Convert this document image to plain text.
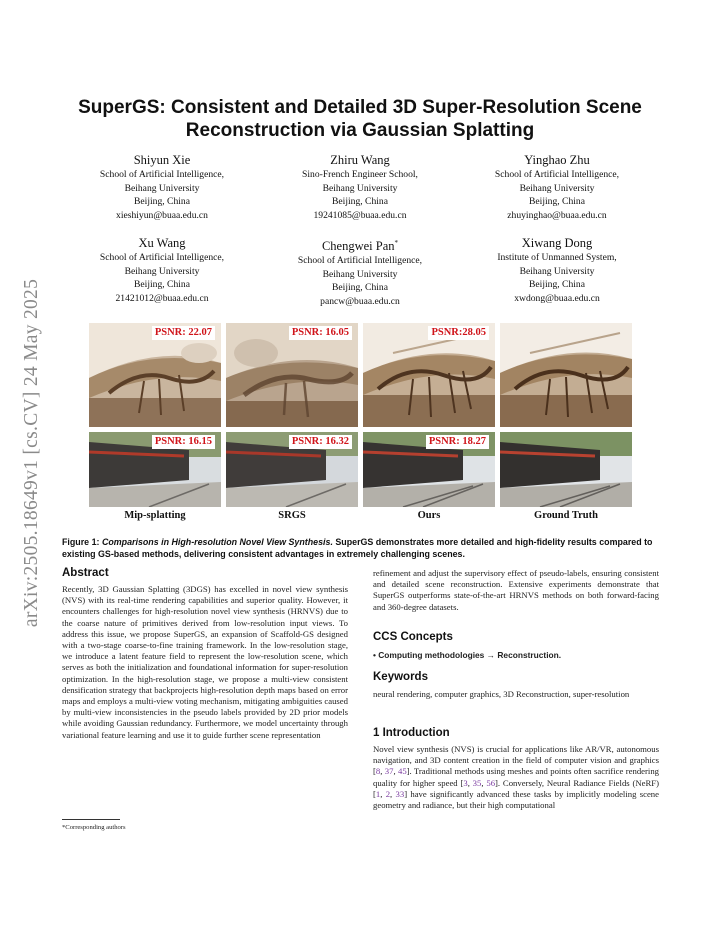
arXiv:2505.18649v1 [cs.CV] 24 May 2025
SuperGS: Consistent and Detailed 3D Super-Resolution Scene
Reconstruction via Gaussian Splatting
Shiyun Xie
School of Artificial Intelligence,
Beihang University
Beijing, China
xieshiyun@buaa.edu.cn
Zhiru Wang
Sino-French Engineer School,
Beihang University
Beijing, China
19241085@buaa.edu.cn
Yinghao Zhu
School of Artificial Intelligence,
Beihang University
Beijing, China
zhuyinghao@buaa.edu.cn
Xu Wang
School of Artificial Intelligence,
Beihang University
Beijing, China
21421012@buaa.edu.cn
Chengwei Pan*
School of Artificial Intelligence,
Beihang University
Beijing, China
pancw@buaa.edu.cn
Xiwang Dong
Institute of Unmanned System,
Beihang University
Beijing, China
xwdong@buaa.edu.cn
PSNR: 22.07	PSNR: 16.05	PSNR:28.05
PSNR: 16.15	PSNR: 16.32	PSNR: 18.27
Mip-splatting	SRGS	Ours	Ground Truth
Figure 1: Comparisons in High-resolution Novel View Synthesis. SuperGS demonstrates more detailed and high-fidelity results compared to existing GS-based methods, delivering consistent advantages in extremely challenging scenes.
Abstract
Recently, 3D Gaussian Splatting (3DGS) has excelled in novel view synthesis (NVS) with its real-time rendering capabilities and superior quality. However, it encounters challenges for high-resolution novel view synthesis (HRNVS) due to the coarse nature of primitives derived from low-resolution input views. To address this issue, we propose SuperGS, an expansion of Scaffold-GS designed with a two-stage coarse-to-fine training framework. In the low-resolution stage, we introduce a latent feature field to represent the low-resolution scene, which serves as both the initialization and foundational information for super-resolution optimization. In the high-resolution stage, we propose a multi-view consistent densification strategy that backprojects high-resolution depth maps based on error maps and employs a multi-view voting mechanism, mitigating ambiguities caused by multi-view inconsistencies in the pseudo labels provided by 2D prior models while avoiding Gaussian redundancy. Furthermore, we model uncertainty through variational feature learning and use it to guide further scene representation
*Corresponding authors
refinement and adjust the supervisory effect of pseudo-labels, ensuring consistent and detailed scene reconstruction. Extensive experiments demonstrate that SuperGS outperforms state-of-the-art HRNVS methods on both forward-facing and 360-degree datasets.
CCS Concepts
• Computing methodologies → Reconstruction.
Keywords
neural rendering, computer graphics, 3D Reconstruction, super-resolution
1 Introduction
Novel view synthesis (NVS) is crucial for applications like AR/VR, autonomous navigation, and 3D content creation in the field of computer vision and graphics [8, 37, 45]. Traditional methods using meshes and points often sacrifice rendering quality for higher speed [3, 35, 56]. Conversely, Neural Radiance Fields (NeRF) [1, 2, 33] have significantly advanced these tasks by implicitly modeling scene geometry and radiance, but their high computational
